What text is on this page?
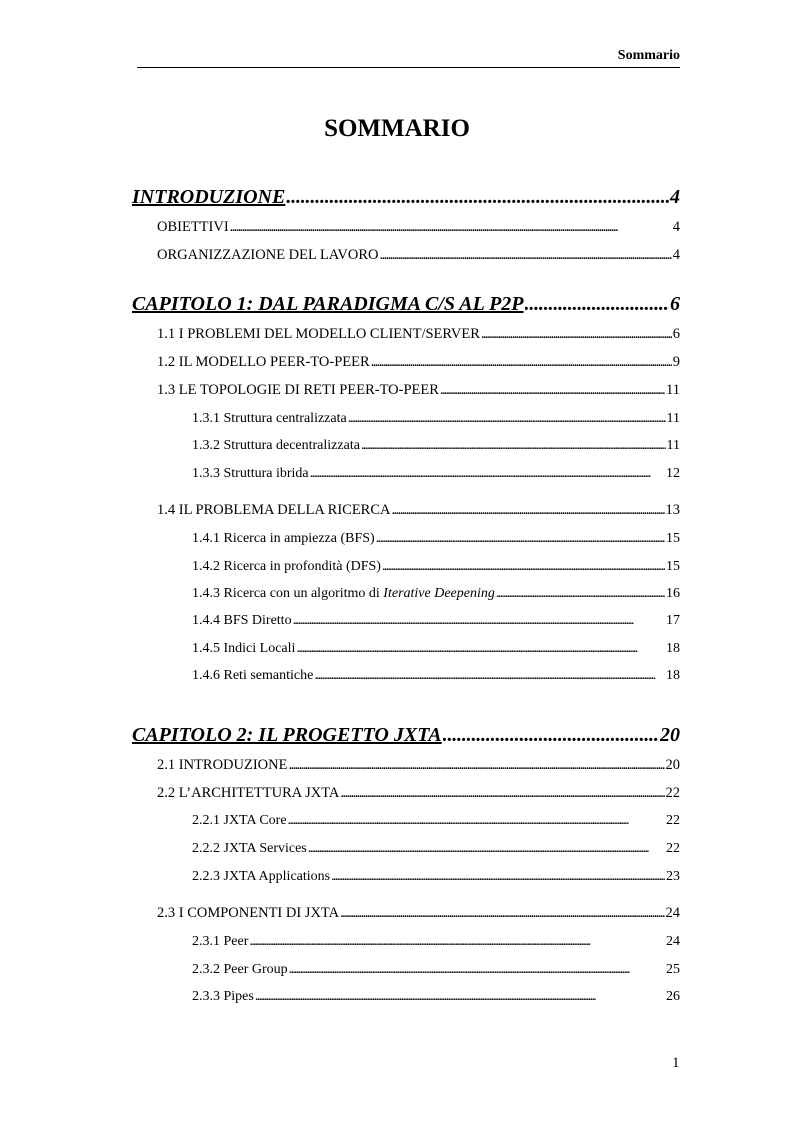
Sommario
SOMMARIO
INTRODUZIONE . . .	4
OBIETTIVI . . .	4
ORGANIZZAZIONE DEL LAVORO . . .	4
CAPITOLO 1: DAL PARADIGMA C/S AL P2P . . .	6
1.1 I PROBLEMI DEL MODELLO CLIENT/SERVER . . .	6
1.2 IL MODELLO PEER-TO-PEER . . .	9
1.3 LE TOPOLOGIE DI RETI PEER-TO-PEER . . .	11
1.3.1 Struttura centralizzata . . .	11
1.3.2 Struttura decentralizzata . . .	11
1.3.3 Struttura ibrida . . .	12
1.4 IL PROBLEMA DELLA RICERCA . . .	13
1.4.1 Ricerca in ampiezza (BFS) . . .	15
1.4.2 Ricerca in profondità (DFS) . . .	15
1.4.3 Ricerca con un algoritmo di Iterative Deepening . . .	16
1.4.4 BFS Diretto . . .	17
1.4.5 Indici Locali . . .	18
1.4.6 Reti semantiche . . .	18
CAPITOLO 2: IL PROGETTO JXTA . . .	20
2.1 INTRODUZIONE . . .	20
2.2 L’ARCHITETTURA JXTA . . .	22
2.2.1 JXTA Core . . .	22
2.2.2 JXTA Services . . .	22
2.2.3 JXTA Applications . . .	23
2.3 I COMPONENTI DI JXTA . . .	24
2.3.1 Peer . . .	24
2.3.2 Peer Group . . .	25
2.3.3 Pipes . . .	26
1
